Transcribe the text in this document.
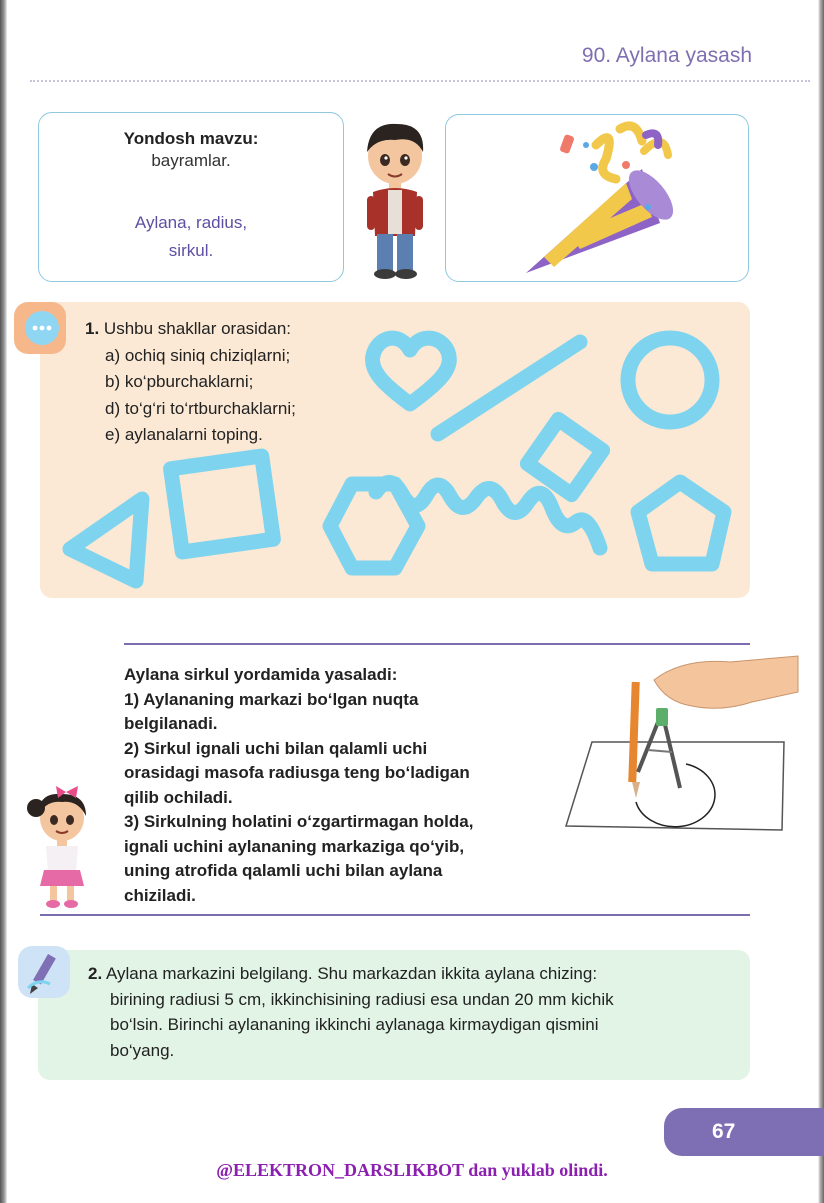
90. Aylana yasash
Yondosh mavzu:
bayramlar.
Aylana, radius,
sirkul.
1. Ushbu shakllar orasidan:
a) ochiq siniq chiziqlarni;
b) ko‘pburchaklarni;
d) to‘g‘ri to‘rtburchaklarni;
e) aylanalarni toping.
Aylana sirkul yordamida yasaladi:
1) Aylananing markazi bo‘lgan nuqta
belgilanadi.
2) Sirkul ignali uchi bilan qalamli uchi
orasidagi masofa radiusga teng bo‘ladigan
qilib ochiladi.
3) Sirkulning holatini o‘zgartirmagan holda,
ignali uchini aylananing markaziga qo‘yib,
uning atrofida qalamli uchi bilan aylana
chiziladi.
2. Aylana markazini belgilang. Shu markazdan ikkita aylana chizing:
birining radiusi 5 cm, ikkinchisining radiusi esa undan 20 mm kichik
bo‘lsin. Birinchi aylananing ikkinchi aylanaga kirmaydigan qismini
bo‘yang.
67
@ELEKTRON_DARSLIKBOT dan yuklab olindi.
